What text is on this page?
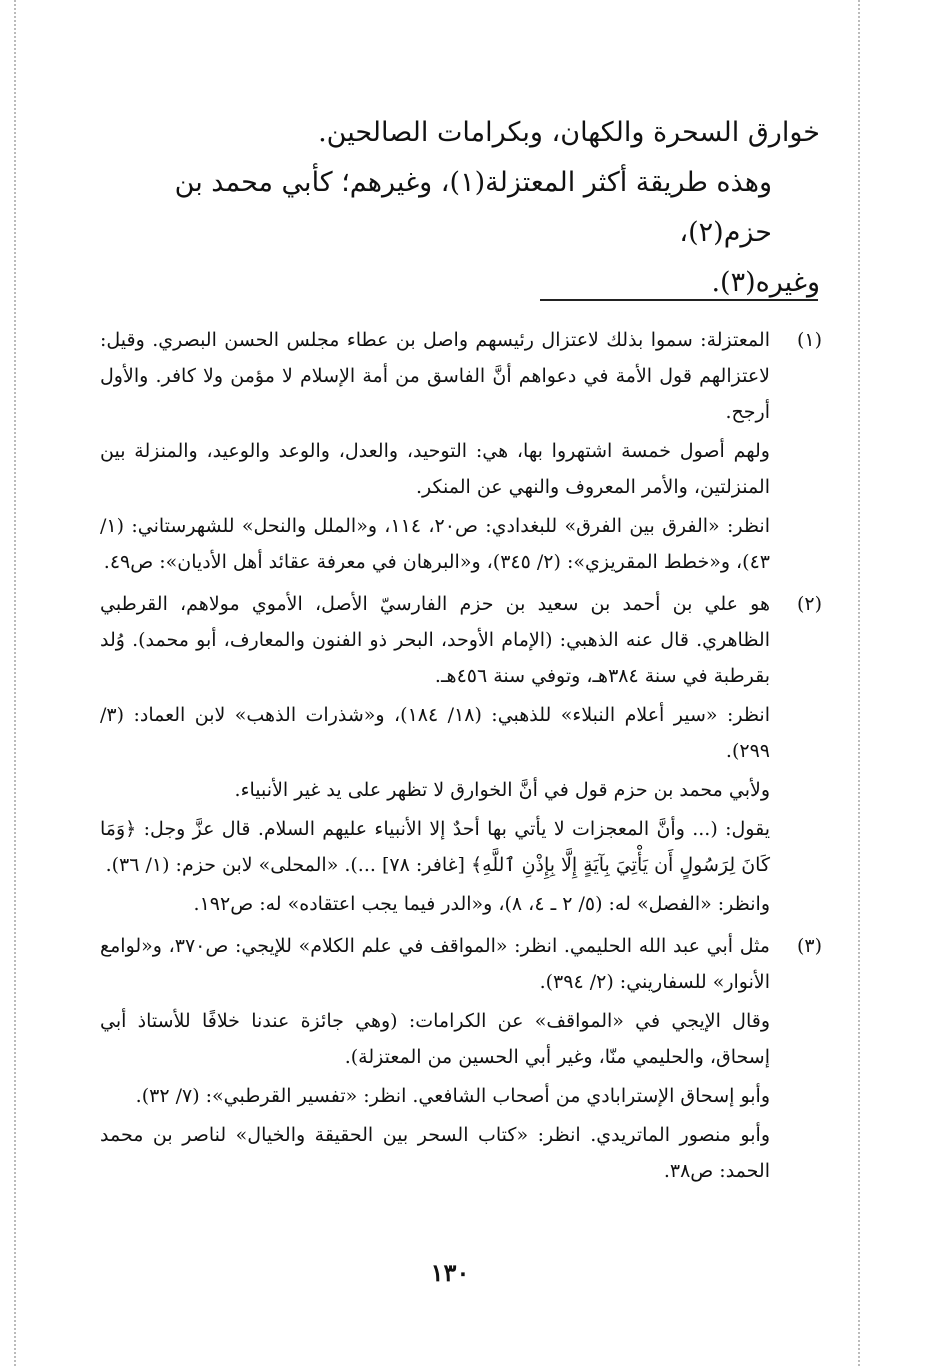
خوارق السحرة والكهان، وبكرامات الصالحين.

وهذه طريقة أكثر المعتزلة(١)، وغيرهم؛ كأبي محمد بن حزم(٢)،

وغيره(٣).

(١)

المعتزلة: سموا بذلك لاعتزال رئيسهم واصل بن عطاء مجلس الحسن البصري. وقيل: لاعتزالهم قول الأمة في دعواهم أنَّ الفاسق من أمة الإسلام لا مؤمن ولا كافر. والأول أرجح.

ولهم أصول خمسة اشتهروا بها، هي: التوحيد، والعدل، والوعد والوعيد، والمنزلة بين المنزلتين، والأمر المعروف والنهي عن المنكر.

انظر: «الفرق بين الفرق» للبغدادي: ص٢٠، ١١٤، و«الملل والنحل» للشهرستاني: (١/ ٤٣)، و«خطط المقريزي»: (٢/ ٣٤٥)، و«البرهان في معرفة عقائد أهل الأديان»: ص٤٩.

(٢)

هو علي بن أحمد بن سعيد بن حزم الفارسيّ الأصل، الأموي مولاهم، القرطبي الظاهري. قال عنه الذهبي: (الإمام الأوحد، البحر ذو الفنون والمعارف، أبو محمد). وُلد بقرطبة في سنة ٣٨٤هـ، وتوفي سنة ٤٥٦هـ.

انظر: «سير أعلام النبلاء» للذهبي: (١٨/ ١٨٤)، و«شذرات الذهب» لابن العماد: (٣/ ٢٩٩).

ولأبي محمد بن حزم قول في أنَّ الخوارق لا تظهر على يد غير الأنبياء.

يقول: (... وأنَّ المعجزات لا يأتي بها أحدٌ إلا الأنبياء عليهم السلام. قال عزَّ وجل: ﴿وَمَا كَانَ لِرَسُولٍ أَن يَأْتِيَ بِآيَةٍ إِلَّا بِإِذْنِ ٱللَّهِ﴾ [غافر: ٧٨] ...). «المحلى» لابن حزم: (١/ ٣٦).

وانظر: «الفصل» له: (٥/ ٢ ـ ٤، ٨)، و«الدر فيما يجب اعتقاده» له: ص١٩٢.

(٣)

مثل أبي عبد الله الحليمي. انظر: «المواقف في علم الكلام» للإيجي: ص٣٧٠، و«لوامع الأنوار» للسفاريني: (٢/ ٣٩٤).

وقال الإيجي في «المواقف» عن الكرامات: (وهي جائزة عندنا خلافًا للأستاذ أبي إسحاق، والحليمي منّا، وغير أبي الحسين من المعتزلة).

وأبو إسحاق الإسترابادي من أصحاب الشافعي. انظر: «تفسير القرطبي»: (٧/ ٣٢).

وأبو منصور الماتريدي. انظر: «كتاب السحر بين الحقيقة والخيال» لناصر بن محمد الحمد: ص٣٨.

١٣٠
